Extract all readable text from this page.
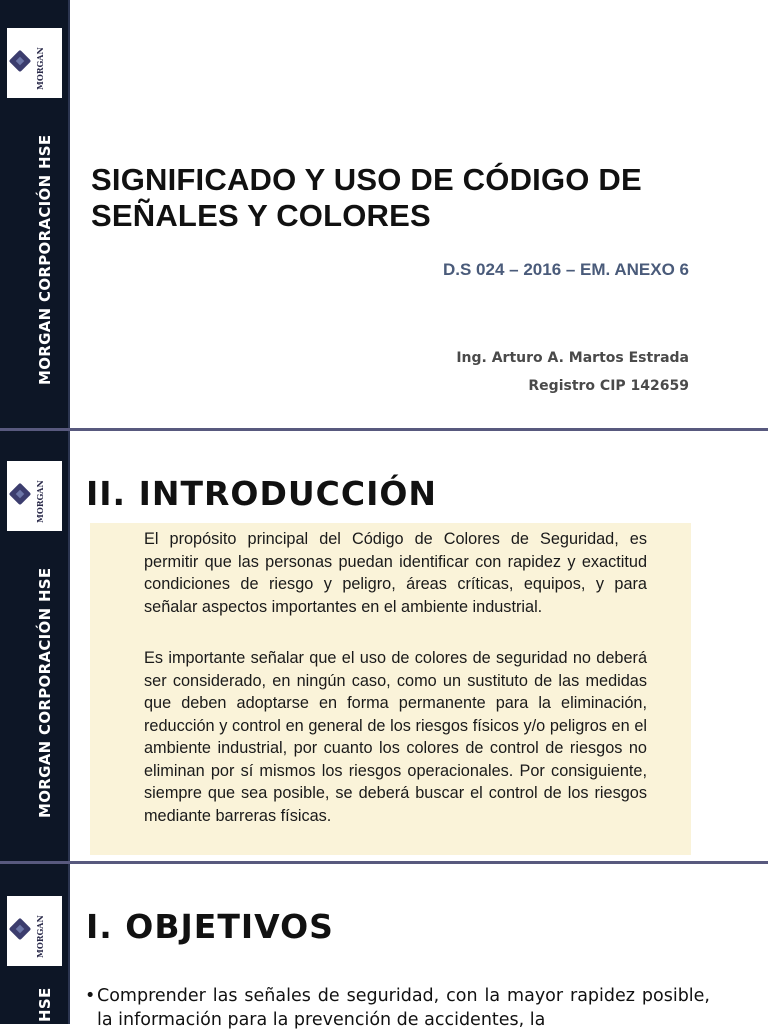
MORGAN
MORGAN CORPORACIÓN HSE SIGNIFICADO Y USO DE CÓDIGO DE
SEÑALES Y COLORES
D.S 024 – 2016 – EM. ANEXO 6
Ing. Arturo A. Martos Estrada
Registro CIP 142659
MORGAN
MORGAN CORPORACIÓN HSE
II. INTRODUCCIÓN
El propósito principal del Código de Colores de Seguridad, es permitir que las personas puedan identificar con rapidez y exactitud condiciones de riesgo y peligro, áreas críticas, equipos, y para señalar aspectos importantes en el ambiente industrial.
Es importante señalar que el uso de colores de seguridad no deberá ser considerado, en ningún caso, como un sustituto de las medidas que deben adoptarse en forma permanente para la eliminación, reducción y control en general de los riesgos físicos y/o peligros en el ambiente industrial, por cuanto los colores de control de riesgos no eliminan por sí mismos los riesgos operacionales. Por consiguiente, siempre que sea posible, se deberá buscar el control de los riesgos mediante barreras físicas.
MORGAN
HSE
I. OBJETIVOS
• Comprender las señales de seguridad, con la mayor rapidez posible, la información para la prevención de accidentes, la
